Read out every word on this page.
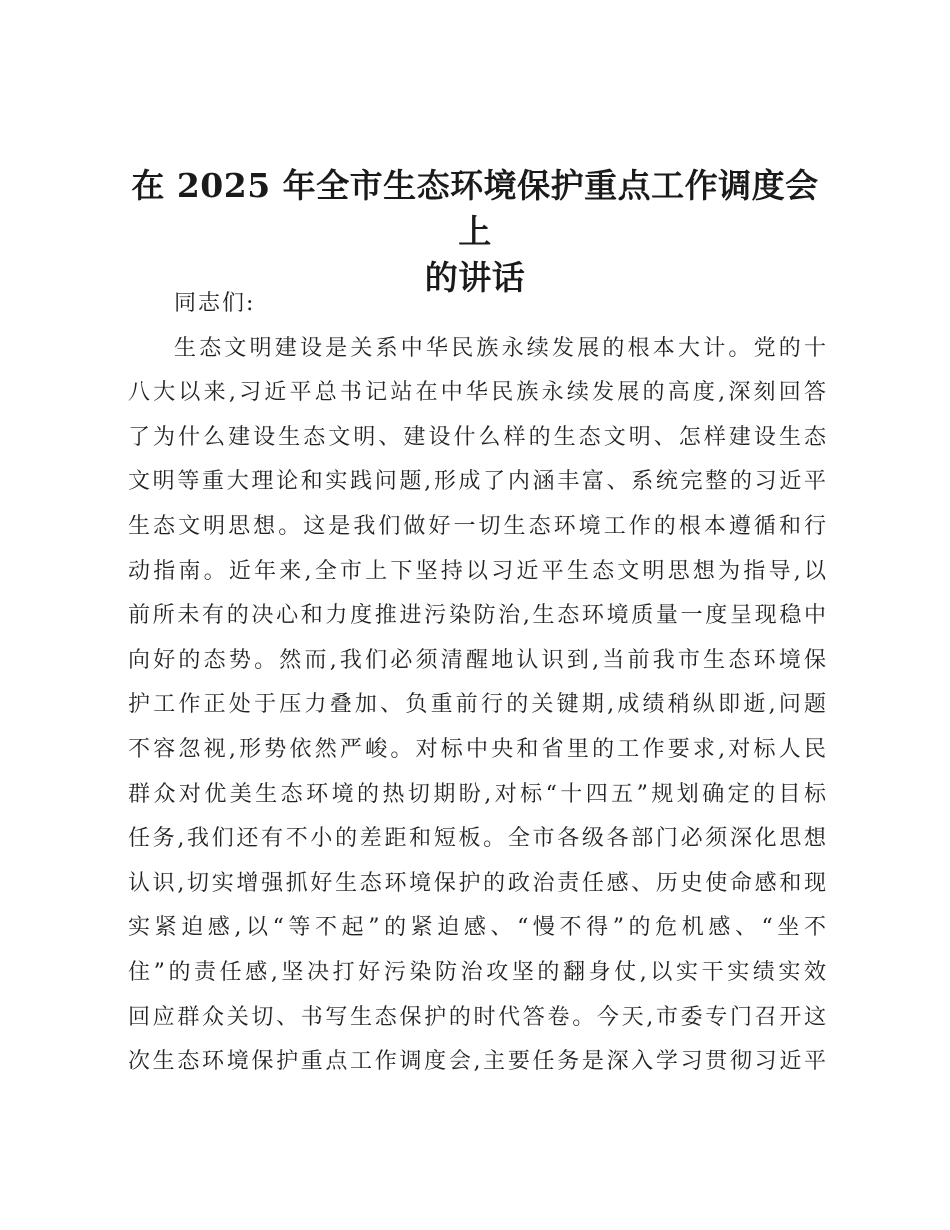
在 2025 年全市生态环境保护重点工作调度会上
的讲话
同志们:
生态文明建设是关系中华民族永续发展的根本大计。党的十
八大以来,习近平总书记站在中华民族永续发展的高度,深刻回答
了为什么建设生态文明、建设什么样的生态文明、怎样建设生态
文明等重大理论和实践问题,形成了内涵丰富、系统完整的习近平
生态文明思想。这是我们做好一切生态环境工作的根本遵循和行
动指南。近年来,全市上下坚持以习近平生态文明思想为指导,以
前所未有的决心和力度推进污染防治,生态环境质量一度呈现稳中
向好的态势。然而,我们必须清醒地认识到,当前我市生态环境保
护工作正处于压力叠加、负重前行的关键期,成绩稍纵即逝,问题
不容忽视,形势依然严峻。对标中央和省里的工作要求,对标人民
群众对优美生态环境的热切期盼,对标“十四五”规划确定的目标
任务,我们还有不小的差距和短板。全市各级各部门必须深化思想
认识,切实增强抓好生态环境保护的政治责任感、历史使命感和现
实紧迫感,以“等不起”的紧迫感、“慢不得”的危机感、“坐不
住”的责任感,坚决打好污染防治攻坚的翻身仗,以实干实绩实效
回应群众关切、书写生态保护的时代答卷。今天,市委专门召开这
次生态环境保护重点工作调度会,主要任务是深入学习贯彻习近平
